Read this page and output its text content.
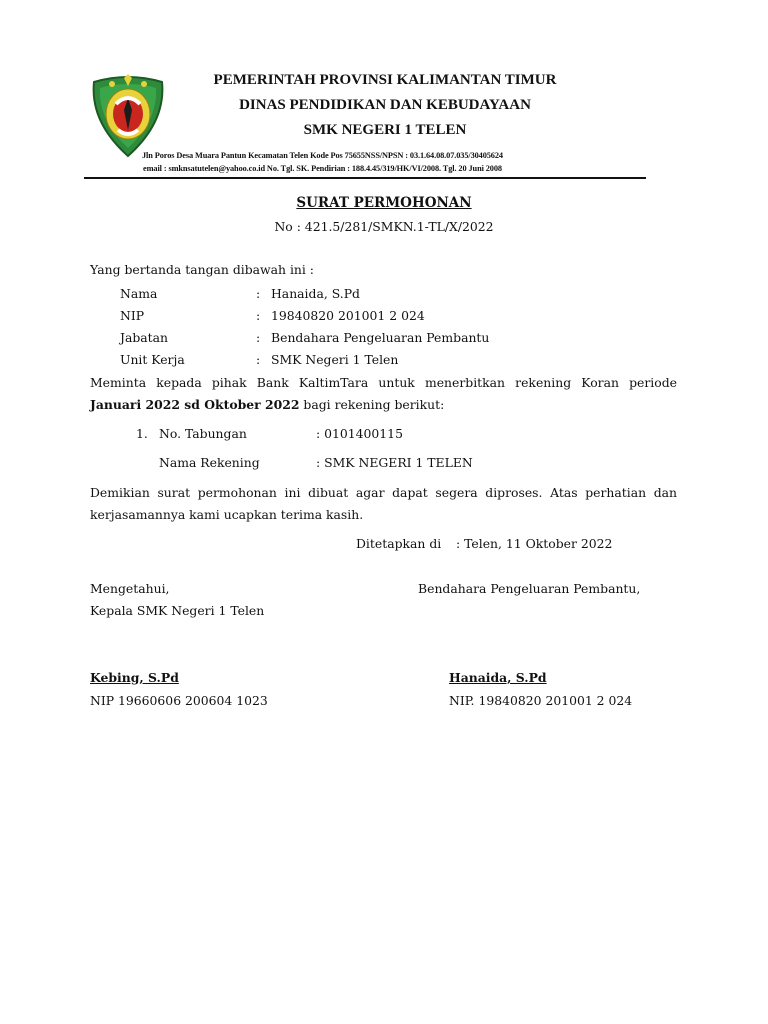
PEMERINTAH PROVINSI KALIMANTAN TIMUR
DINAS PENDIDIKAN DAN KEBUDAYAAN
SMK NEGERI 1 TELEN
Jln Poros Desa Muara Pantun Kecamatan Telen Kode Pos 75655NSS/NPSN : 03.1.64.08.07.035/30405624
email : smknsatutelen@yahoo.co.id No. Tgl. SK. Pendirian : 188.4.45/319/HK/VI/2008. Tgl. 20 Juni 2008
SURAT PERMOHONAN
No : 421.5/281/SMKN.1-TL/X/2022
Yang bertanda tangan dibawah ini :
Nama	: Hanaida, S.Pd
NIP	: 19840820 201001 2 024
Jabatan	: Bendahara Pengeluaran Pembantu
Unit Kerja	: SMK Negeri 1 Telen
Meminta kepada pihak Bank KaltimTara untuk menerbitkan rekening Koran periode
Januari 2022 sd Oktober 2022 bagi rekening berikut:
1. No. Tabungan	: 0101400115
Nama Rekening	: SMK NEGERI 1 TELEN
Demikian surat permohonan ini dibuat agar dapat segera diproses. Atas perhatian dan
kerjasamannya kami ucapkan terima kasih.
Ditetapkan di : Telen, 11 Oktober 2022
Mengetahui,
Kepala SMK Negeri 1 Telen
Bendahara Pengeluaran Pembantu,
Kebing, S.Pd
NIP 19660606 200604 1023
Hanaida, S.Pd
NIP. 19840820 201001 2 024
